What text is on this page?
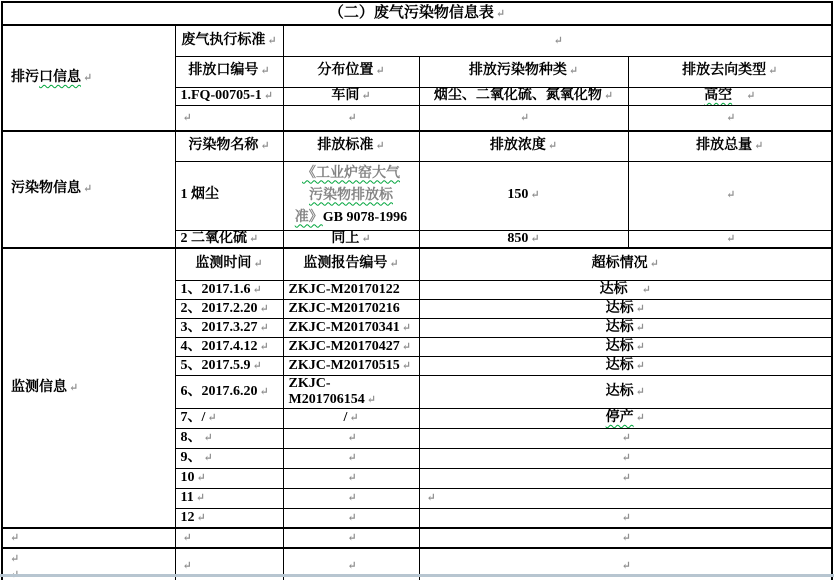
（二）废气污染物信息表 ↵
排污口信息 ↵	废气执行标准 ↵	↵
	排放口编号 ↵	分布位置 ↵	排放污染物种类 ↵	排放去向类型 ↵
	1.FQ-00705-1 ↵	车间 ↵	烟尘、二氧化硫、氮氧化物 ↵	高空 ↵
↵	↵	↵	↵
污染物信息 ↵	污染物名称 ↵	排放标准 ↵	排放浓度 ↵	排放总量 ↵
	1 烟尘	《工业炉窑大气
污染物排放标
准》GB 9078-1996	150 ↵	↵
	2 二氧化硫 ↵	同上 ↵	850 ↵	↵
监测信息 ↵	监测时间 ↵	监测报告编号 ↵	超标情况 ↵
	1、2017.1.6 ↵	ZKJC-M20170122	达标 ↵
	2、2017.2.20 ↵	ZKJC-M20170216	达标 ↵
	3、2017.3.27 ↵	ZKJC-M20170341 ↵	达标 ↵
	4、2017.4.12 ↵	ZKJC-M20170427 ↵	达标 ↵
	5、2017.5.9 ↵	ZKJC-M20170515 ↵	达标 ↵
	6、2017.6.20 ↵	ZKJC-M201706154 ↵	达标 ↵
	7、/ ↵	/ ↵	停产 ↵
	8、 ↵	↵	↵
	9、 ↵	↵	↵
	10 ↵	↵	↵
	11 ↵	↵	↵
	12 ↵	↵	↵
↵	↵	↵	↵

↵
↵
	↵	↵	↵
